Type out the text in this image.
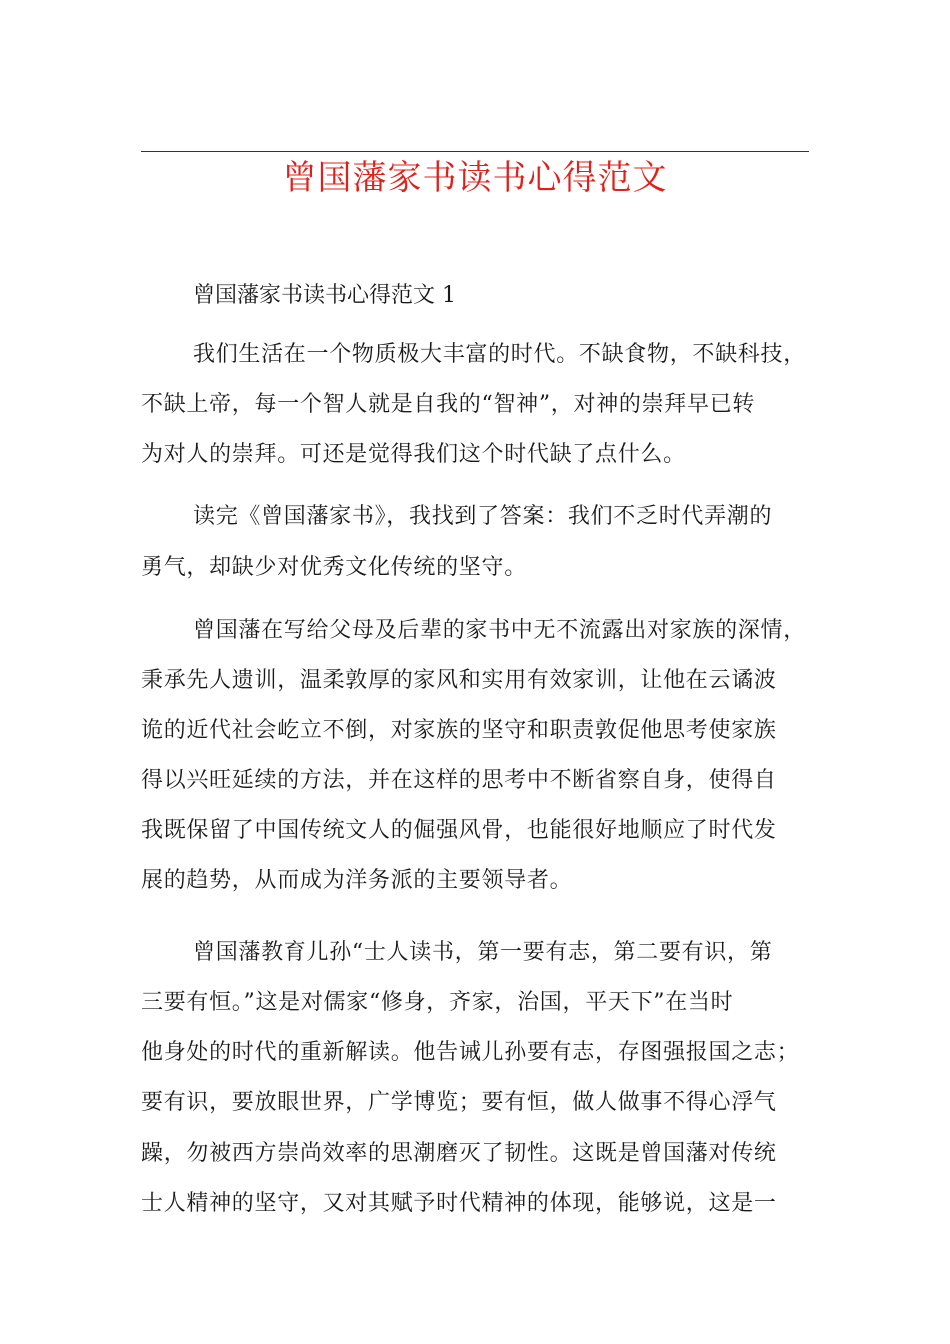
曾国藩家书读书心得范文
曾国藩家书读书心得范文 1
我们生活在一个物质极大丰富的时代。不缺食物，不缺科技，
不缺上帝，每一个智人就是自我的“智神”，对神的崇拜早已转
为对人的崇拜。可还是觉得我们这个时代缺了点什么。
读完《曾国藩家书》，我找到了答案：我们不乏时代弄潮的
勇气，却缺少对优秀文化传统的坚守。
曾国藩在写给父母及后辈的家书中无不流露出对家族的深情，
秉承先人遗训，温柔敦厚的家风和实用有效家训，让他在云谲波
诡的近代社会屹立不倒，对家族的坚守和职责敦促他思考使家族
得以兴旺延续的方法，并在这样的思考中不断省察自身，使得自
我既保留了中国传统文人的倔强风骨，也能很好地顺应了时代发
展的趋势，从而成为洋务派的主要领导者。
曾国藩教育儿孙“士人读书，第一要有志，第二要有识，第
三要有恒。”这是对儒家“修身，齐家，治国，平天下”在当时
他身处的时代的重新解读。他告诫儿孙要有志，存图强报国之志；
要有识，要放眼世界，广学博览；要有恒，做人做事不得心浮气
躁，勿被西方崇尚效率的思潮磨灭了韧性。这既是曾国藩对传统
士人精神的坚守，又对其赋予时代精神的体现，能够说，这是一
